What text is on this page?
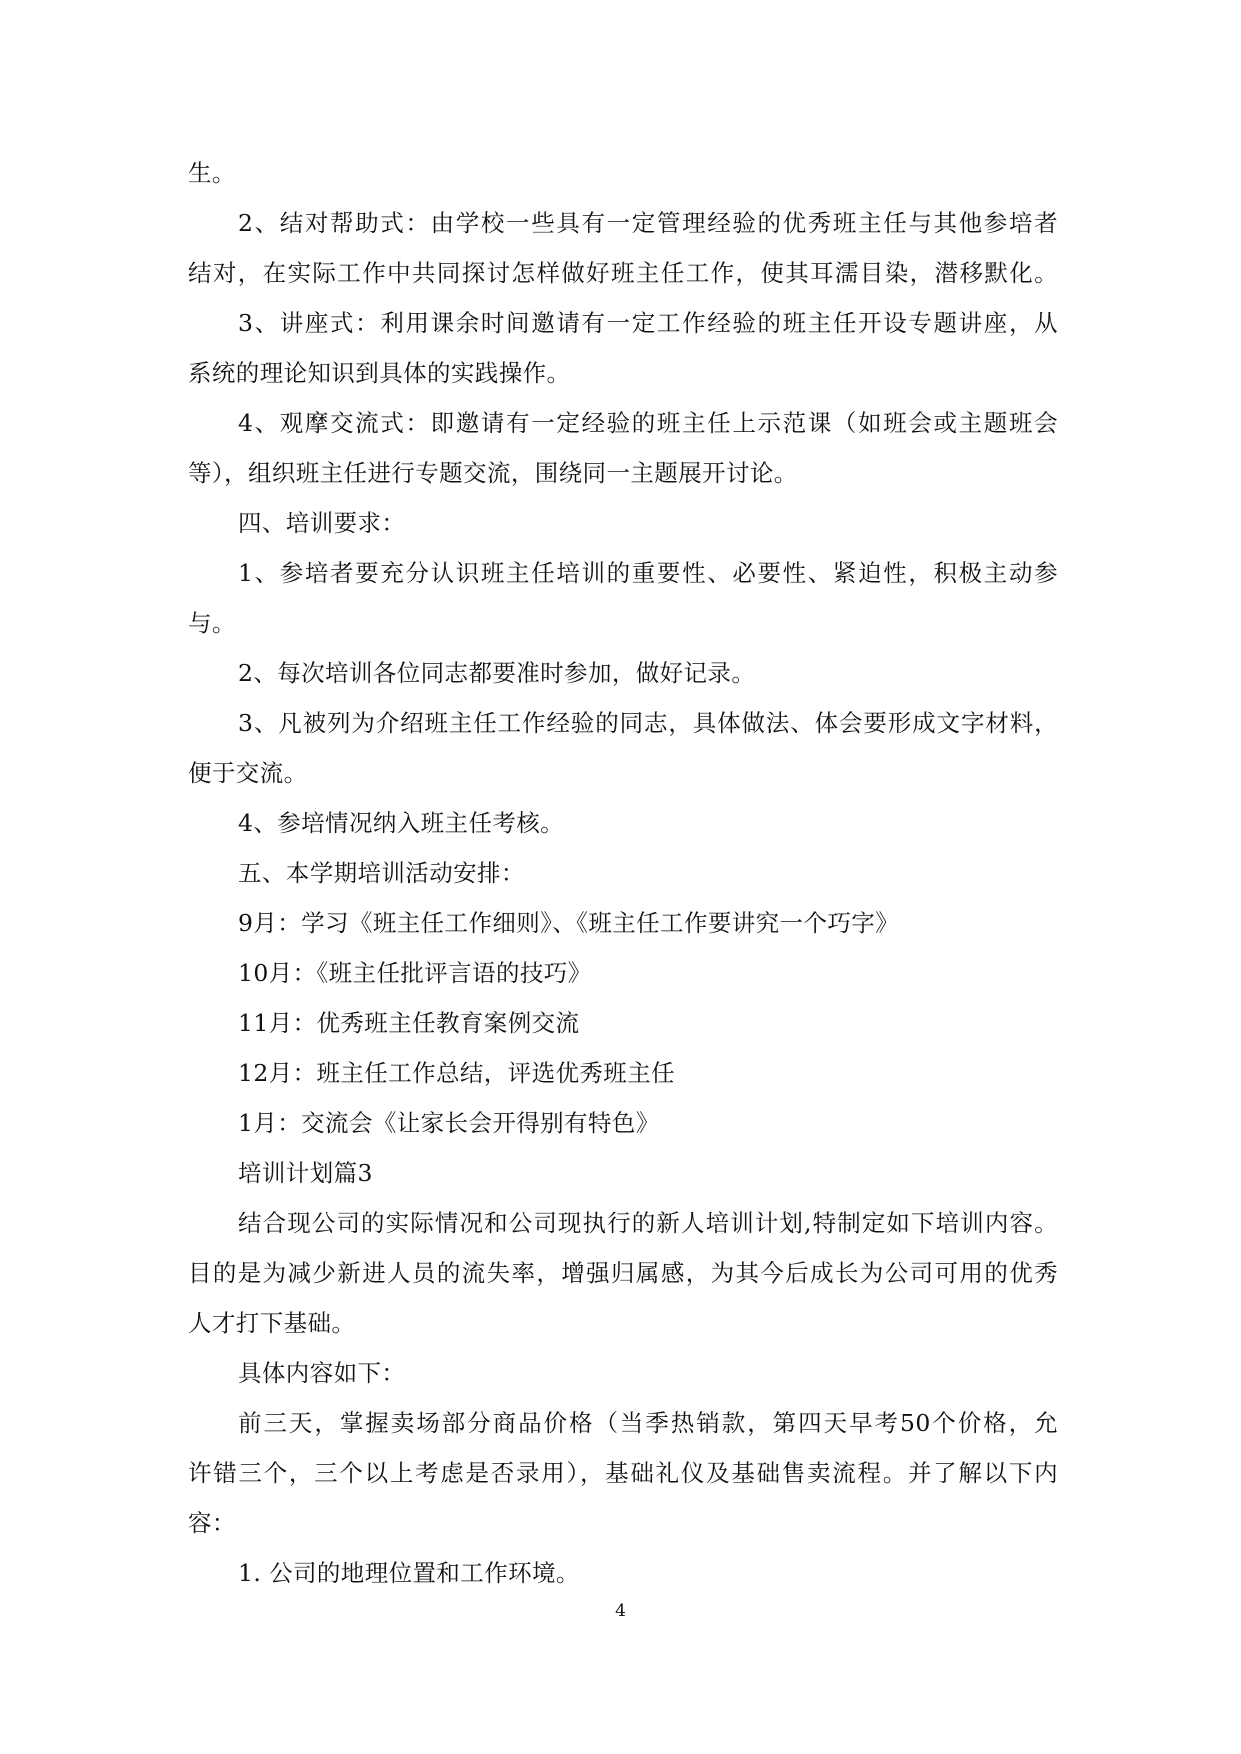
生。
2、结对帮助式：由学校一些具有一定管理经验的优秀班主任与其他参培者
结对，在实际工作中共同探讨怎样做好班主任工作，使其耳濡目染，潜移默化。
3、讲座式：利用课余时间邀请有一定工作经验的班主任开设专题讲座，从
系统的理论知识到具体的实践操作。
4、观摩交流式：即邀请有一定经验的班主任上示范课（如班会或主题班会
等），组织班主任进行专题交流，围绕同一主题展开讨论。
四、培训要求：
1、参培者要充分认识班主任培训的重要性、必要性、紧迫性，积极主动参
与。
2、每次培训各位同志都要准时参加，做好记录。
3、凡被列为介绍班主任工作经验的同志，具体做法、体会要形成文字材料，
便于交流。
4、参培情况纳入班主任考核。
五、本学期培训活动安排：
9月：学习《班主任工作细则》、《班主任工作要讲究一个巧字》
10月：《班主任批评言语的技巧》
11月：优秀班主任教育案例交流
12月：班主任工作总结，评选优秀班主任
1月：交流会《让家长会开得别有特色》
培训计划篇3
结合现公司的实际情况和公司现执行的新人培训计划,特制定如下培训内容。
目的是为减少新进人员的流失率，增强归属感，为其今后成长为公司可用的优秀
人才打下基础。
具体内容如下：
前三天，掌握卖场部分商品价格（当季热销款，第四天早考50个价格，允
许错三个，三个以上考虑是否录用），基础礼仪及基础售卖流程。并了解以下内
容：
1. 公司的地理位置和工作环境。
4
